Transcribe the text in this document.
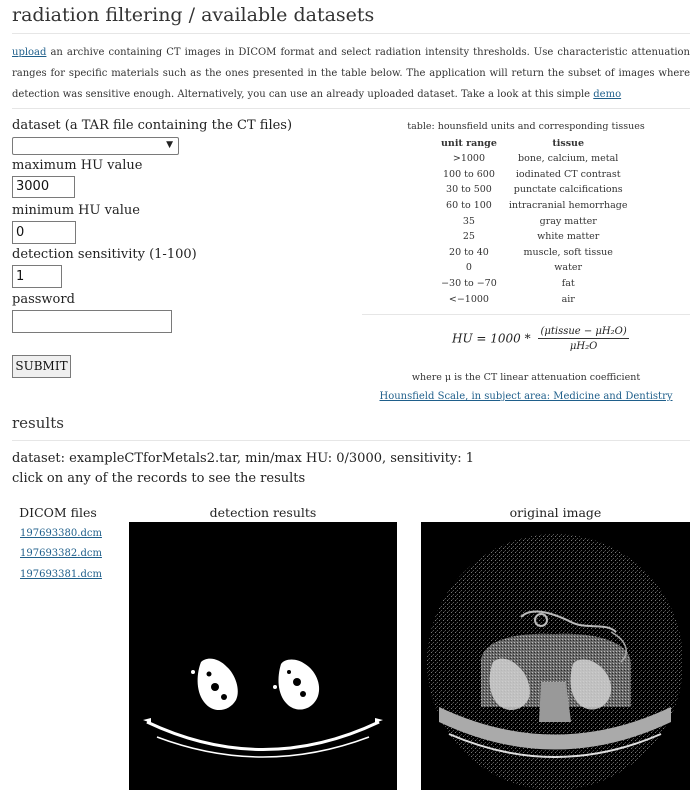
radiation filtering / available datasets
upload an archive containing CT images in DICOM format and select radiation intensity thresholds. Use characteristic attenuation ranges for specific materials such as the ones presented in the table below. The application will return the subset of images where detection was sensitive enough. Alternatively, you can use an already uploaded dataset. Take a look at this simple demo
dataset (a TAR file containing the CT files)
▼
maximum HU value
3000
minimum HU value
0
detection sensitivity (1-100)
1
password
SUBMIT
table: hounsfield units and corresponding tissues
unit range	tissue
>1000	bone, calcium, metal
100 to 600	iodinated CT contrast
30 to 500	punctate calcifications
60 to 100	intracranial hemorrhage
35	gray matter
25	white matter
20 to 40	muscle, soft tissue
0	water
−30 to −70	fat
<−1000	air
HU = $1000 * \frac{\text{(μtissue − μH₂O)}}{\text{μH₂O}}$
where μ is the CT linear attenuation coefficient
Hounsfield Scale, in subject area: Medicine and Dentistry
results
dataset: exampleCTforMetals2.tar, min/max HU: 0/3000, sensitivity: 1
click on any of the records to see the results
DICOM files	detection results	original image
197693380.dcm
197693382.dcm
197693381.dcm
